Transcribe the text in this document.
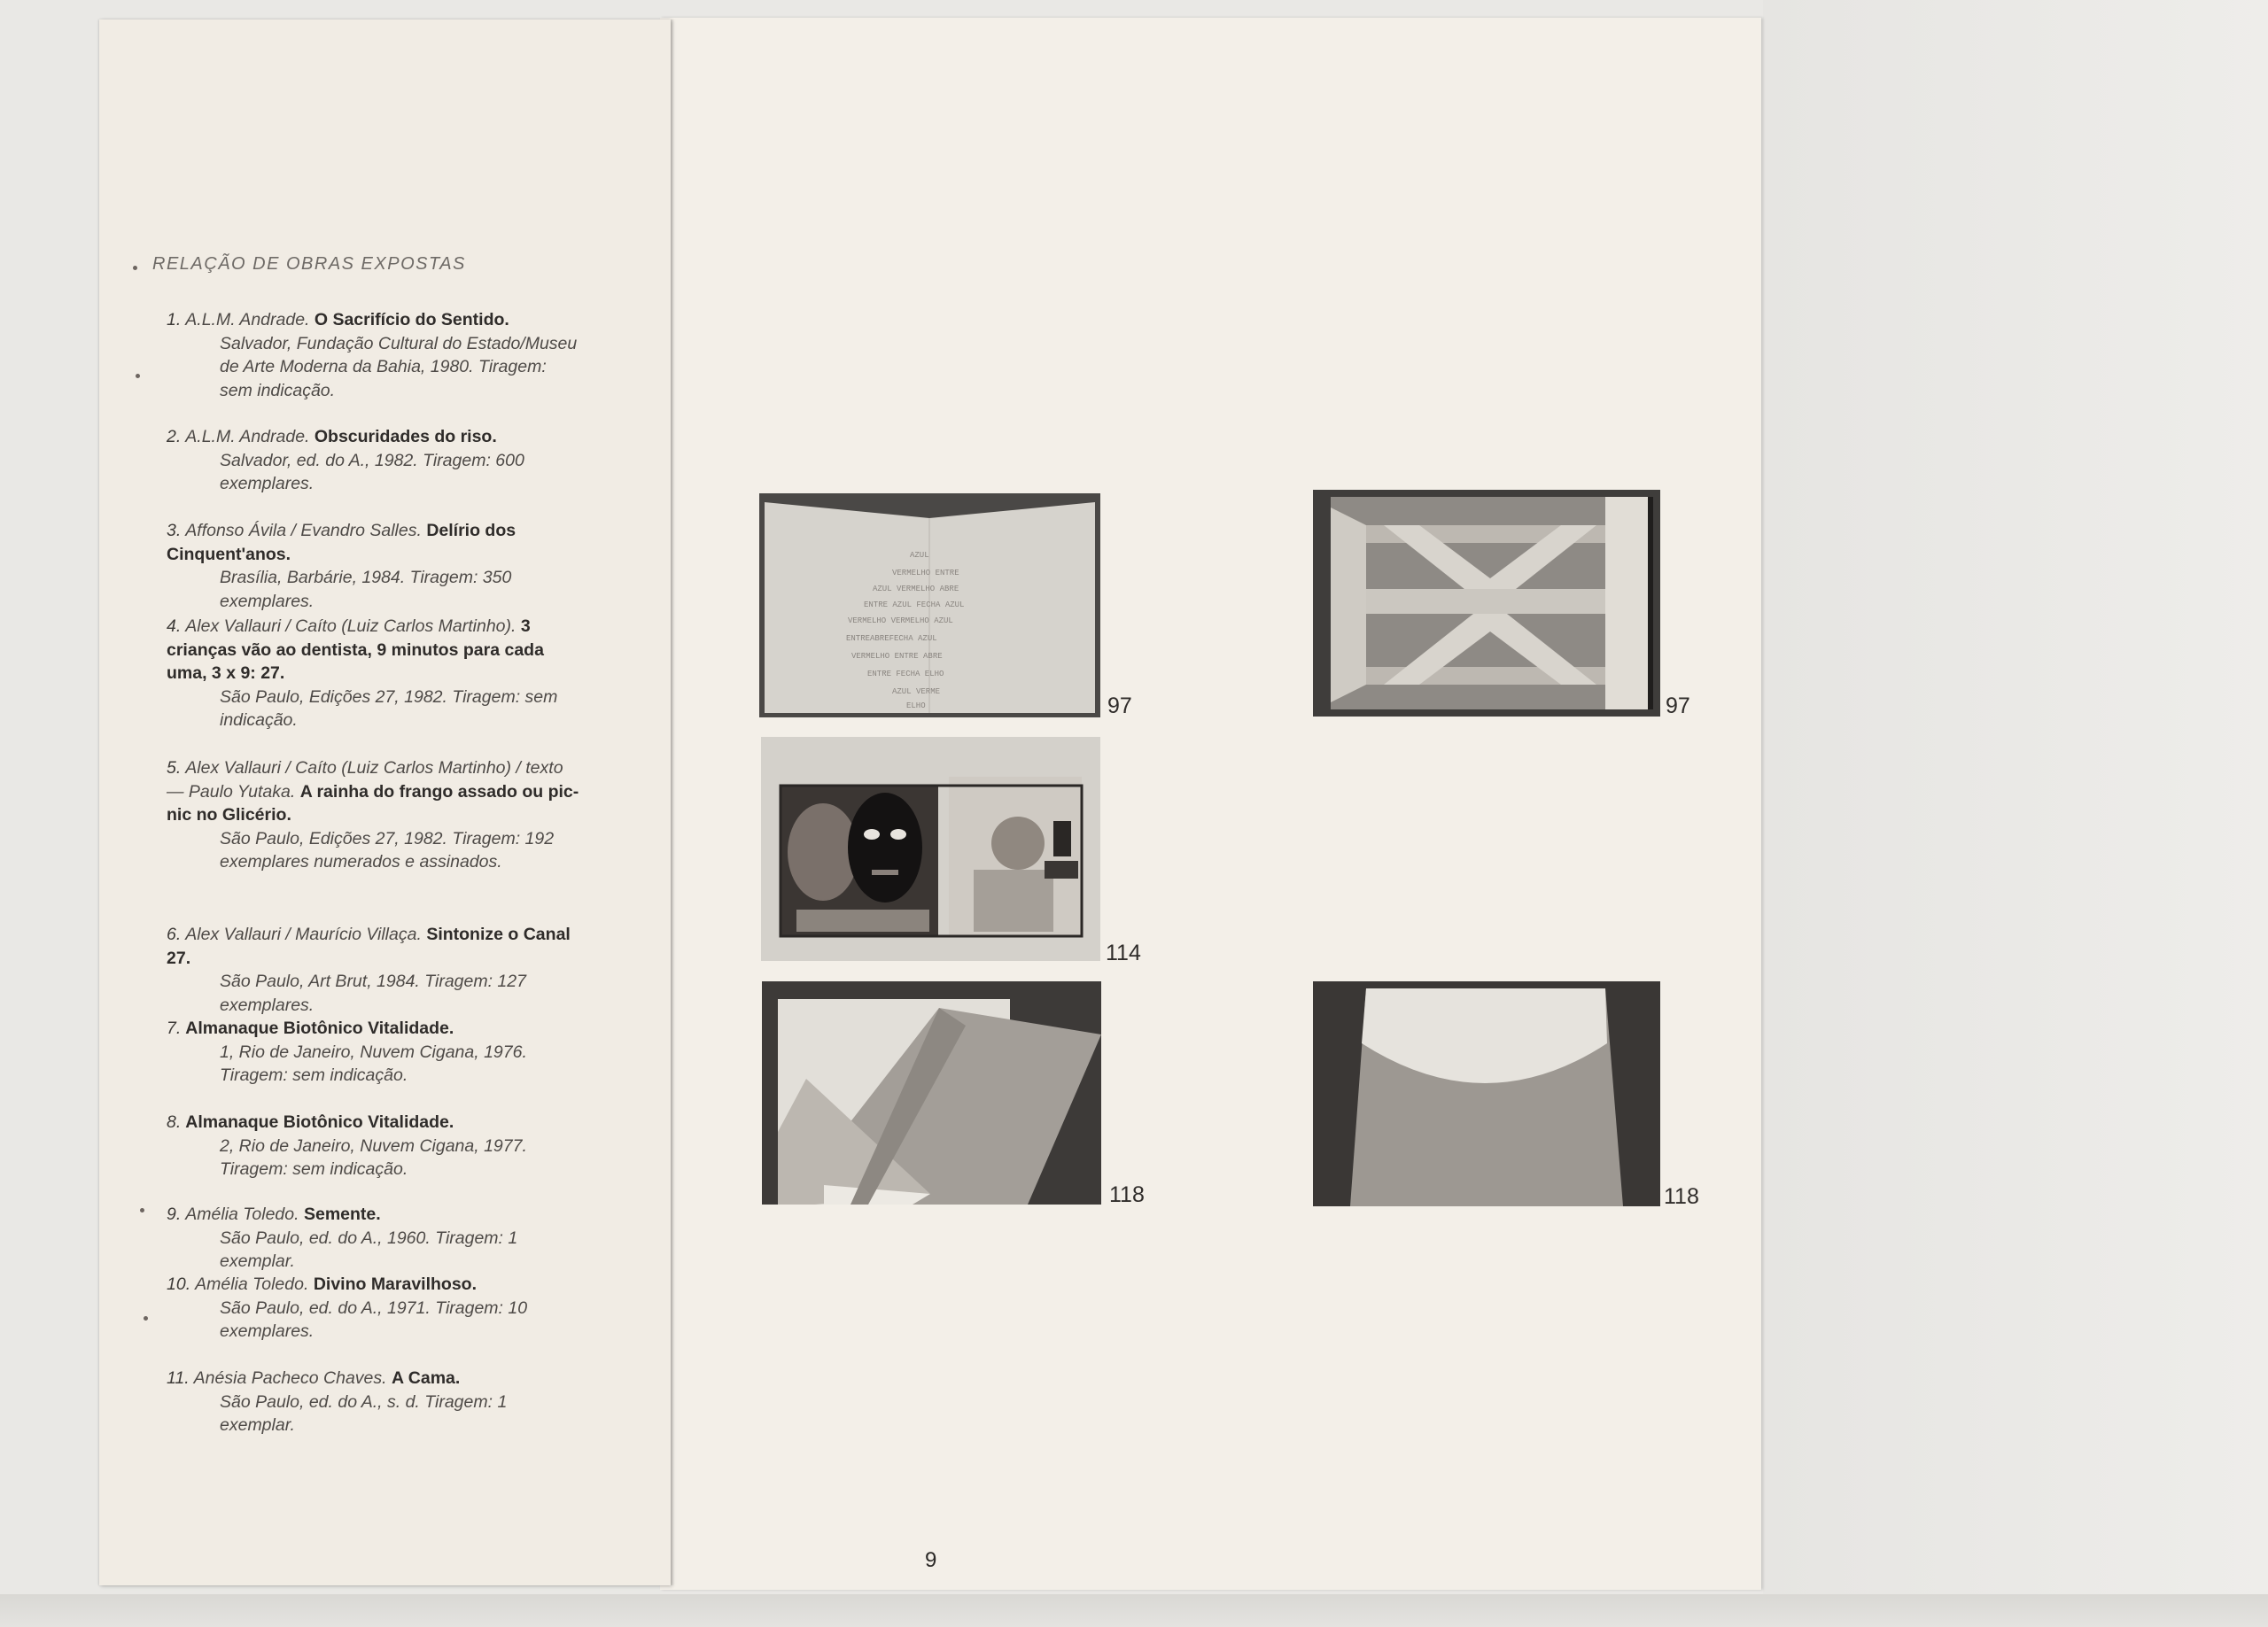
AZUL
VERMELHO ENTRE
AZUL VERMELHO ABRE
ENTRE AZUL FECHA AZUL
VERMELHO VERMELHO AZUL
ENTREABREFECHA AZUL
VERMELHO ENTRE ABRE
ENTRE FECHA ELHO
AZUL VERME
ELHO	97	97
114
118	118
9
RELAÇÃO DE OBRAS EXPOSTAS
1. A.L.M. Andrade. O Sacrifício do Sentido.
Salvador, Fundação Cultural do Estado/Museu de Arte Moderna da Bahia, 1980. Tiragem: sem indicação.
2. A.L.M. Andrade. Obscuridades do riso.
Salvador, ed. do A., 1982. Tiragem: 600 exemplares.
3. Affonso Ávila / Evandro Salles. Delírio dos Cinquent'anos.
Brasília, Barbárie, 1984. Tiragem: 350 exemplares.
4. Alex Vallauri / Caíto (Luiz Carlos Martinho). 3 crianças vão ao dentista, 9 minutos para cada uma, 3 x 9: 27.
São Paulo, Edições 27, 1982. Tiragem: sem indicação.
5. Alex Vallauri / Caíto (Luiz Carlos Martinho) / texto — Paulo Yutaka. A rainha do frango assado ou pic-nic no Glicério.
São Paulo, Edições 27, 1982. Tiragem: 192 exemplares numerados e assinados.
6. Alex Vallauri / Maurício Villaça. Sintonize o Canal 27.
São Paulo, Art Brut, 1984. Tiragem: 127 exemplares.
7. Almanaque Biotônico Vitalidade.
1, Rio de Janeiro, Nuvem Cigana, 1976. Tiragem: sem indicação.
8. Almanaque Biotônico Vitalidade.
2, Rio de Janeiro, Nuvem Cigana, 1977. Tiragem: sem indicação.
9. Amélia Toledo. Semente.
São Paulo, ed. do A., 1960. Tiragem: 1 exemplar.
10. Amélia Toledo. Divino Maravilhoso.
São Paulo, ed. do A., 1971. Tiragem: 10 exemplares.
11. Anésia Pacheco Chaves. A Cama.
São Paulo, ed. do A., s. d. Tiragem: 1 exemplar.
